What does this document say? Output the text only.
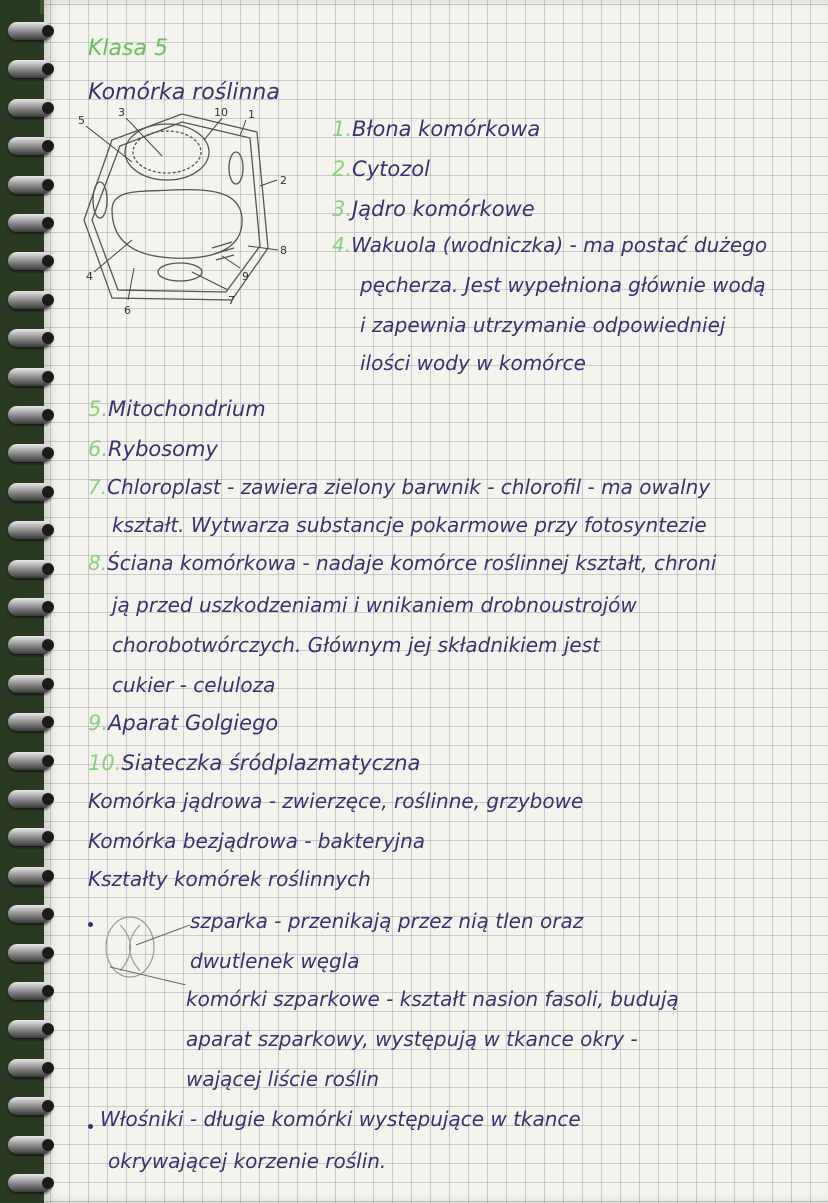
Klasa 5

Komórka roślinna

5
3	10 1
2
8
9
7
6
4

1.Błona komórkowa

2.Cytozol

3.Jądro komórkowe

4.Wakuola (wodniczka) - ma postać dużego

pęcherza. Jest wypełniona głównie wodą

i zapewnia utrzymanie odpowiedniej

ilości wody w komórce

5.Mitochondrium

6.Rybosomy

7.Chloroplast - zawiera zielony barwnik - chlorofil - ma owalny

kształt. Wytwarza substancje pokarmowe przy fotosyntezie

8.Ściana komórkowa - nadaje komórce roślinnej kształt, chroni

ją przed uszkodzeniami i wnikaniem drobnoustrojów

chorobotwórczych. Głównym jej składnikiem jest

cukier - celuloza

9.Aparat Golgiego

10.Siateczka śródplazmatyczna

Komórka jądrowa - zwierzęce, roślinne, grzybowe

Komórka bezjądrowa - bakteryjna

Kształty komórek roślinnych

szparka - przenikają przez nią tlen oraz

dwutlenek węgla

komórki szparkowe - kształt nasion fasoli, budują

aparat szparkowy, występują w tkance okry -

wającej liście roślin

Włośniki - długie komórki występujące w tkance

okrywającej korzenie roślin.
